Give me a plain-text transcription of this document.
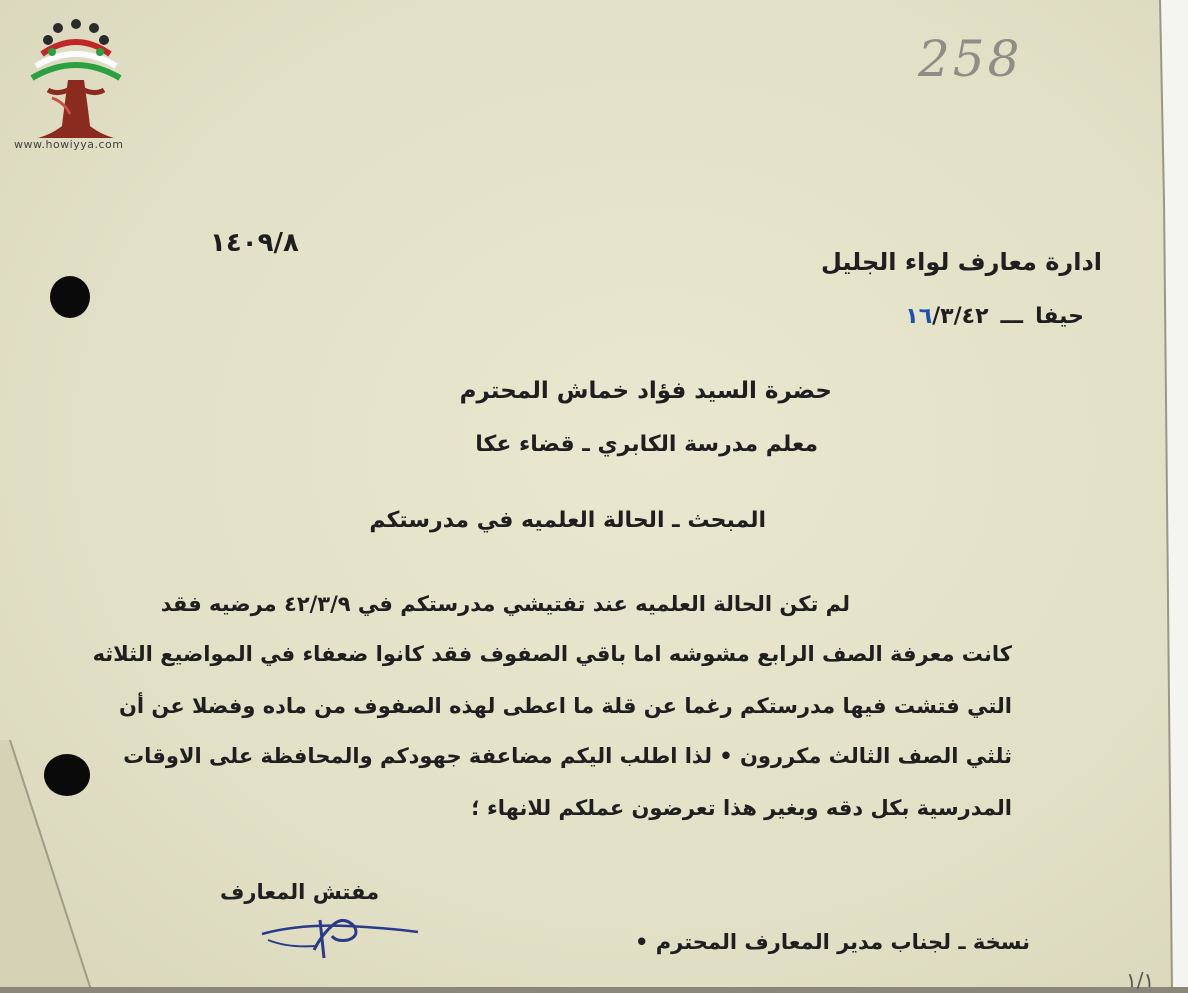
www.howiyya.com
258
١٤٠٩/٨
ادارة معارف لواء الجليل
حيفاـــ١٦/٣/٤٢
حضرة السيد فؤاد خماش المحترم
معلم مدرسة الكابري ـ قضاء عكا
المبحث ـ الحالة العلميه في مدرستكم
لم تكن الحالة العلميه عند تفتيشي مدرستكم في ٤٢/٣/٩ مرضيه فقد
كانت معرفة الصف الرابع مشوشه اما باقي الصفوف فقد كانوا ضعفاء في المواضيع الثلاثه
التي فتشت فيها مدرستكم رغما عن قلة ما اعطى لهذه الصفوف من ماده وفضلا عن أن
ثلثي الصف الثالث مكررون • لذا اطلب اليكم مضاعفة جهودكم والمحافظة على الاوقات
المدرسية بكل دقه وبغير هذا تعرضون عملكم للانهاء ؛
مفتش المعارف
نسخة ـ لجناب مدير المعارف المحترم •
١/١
